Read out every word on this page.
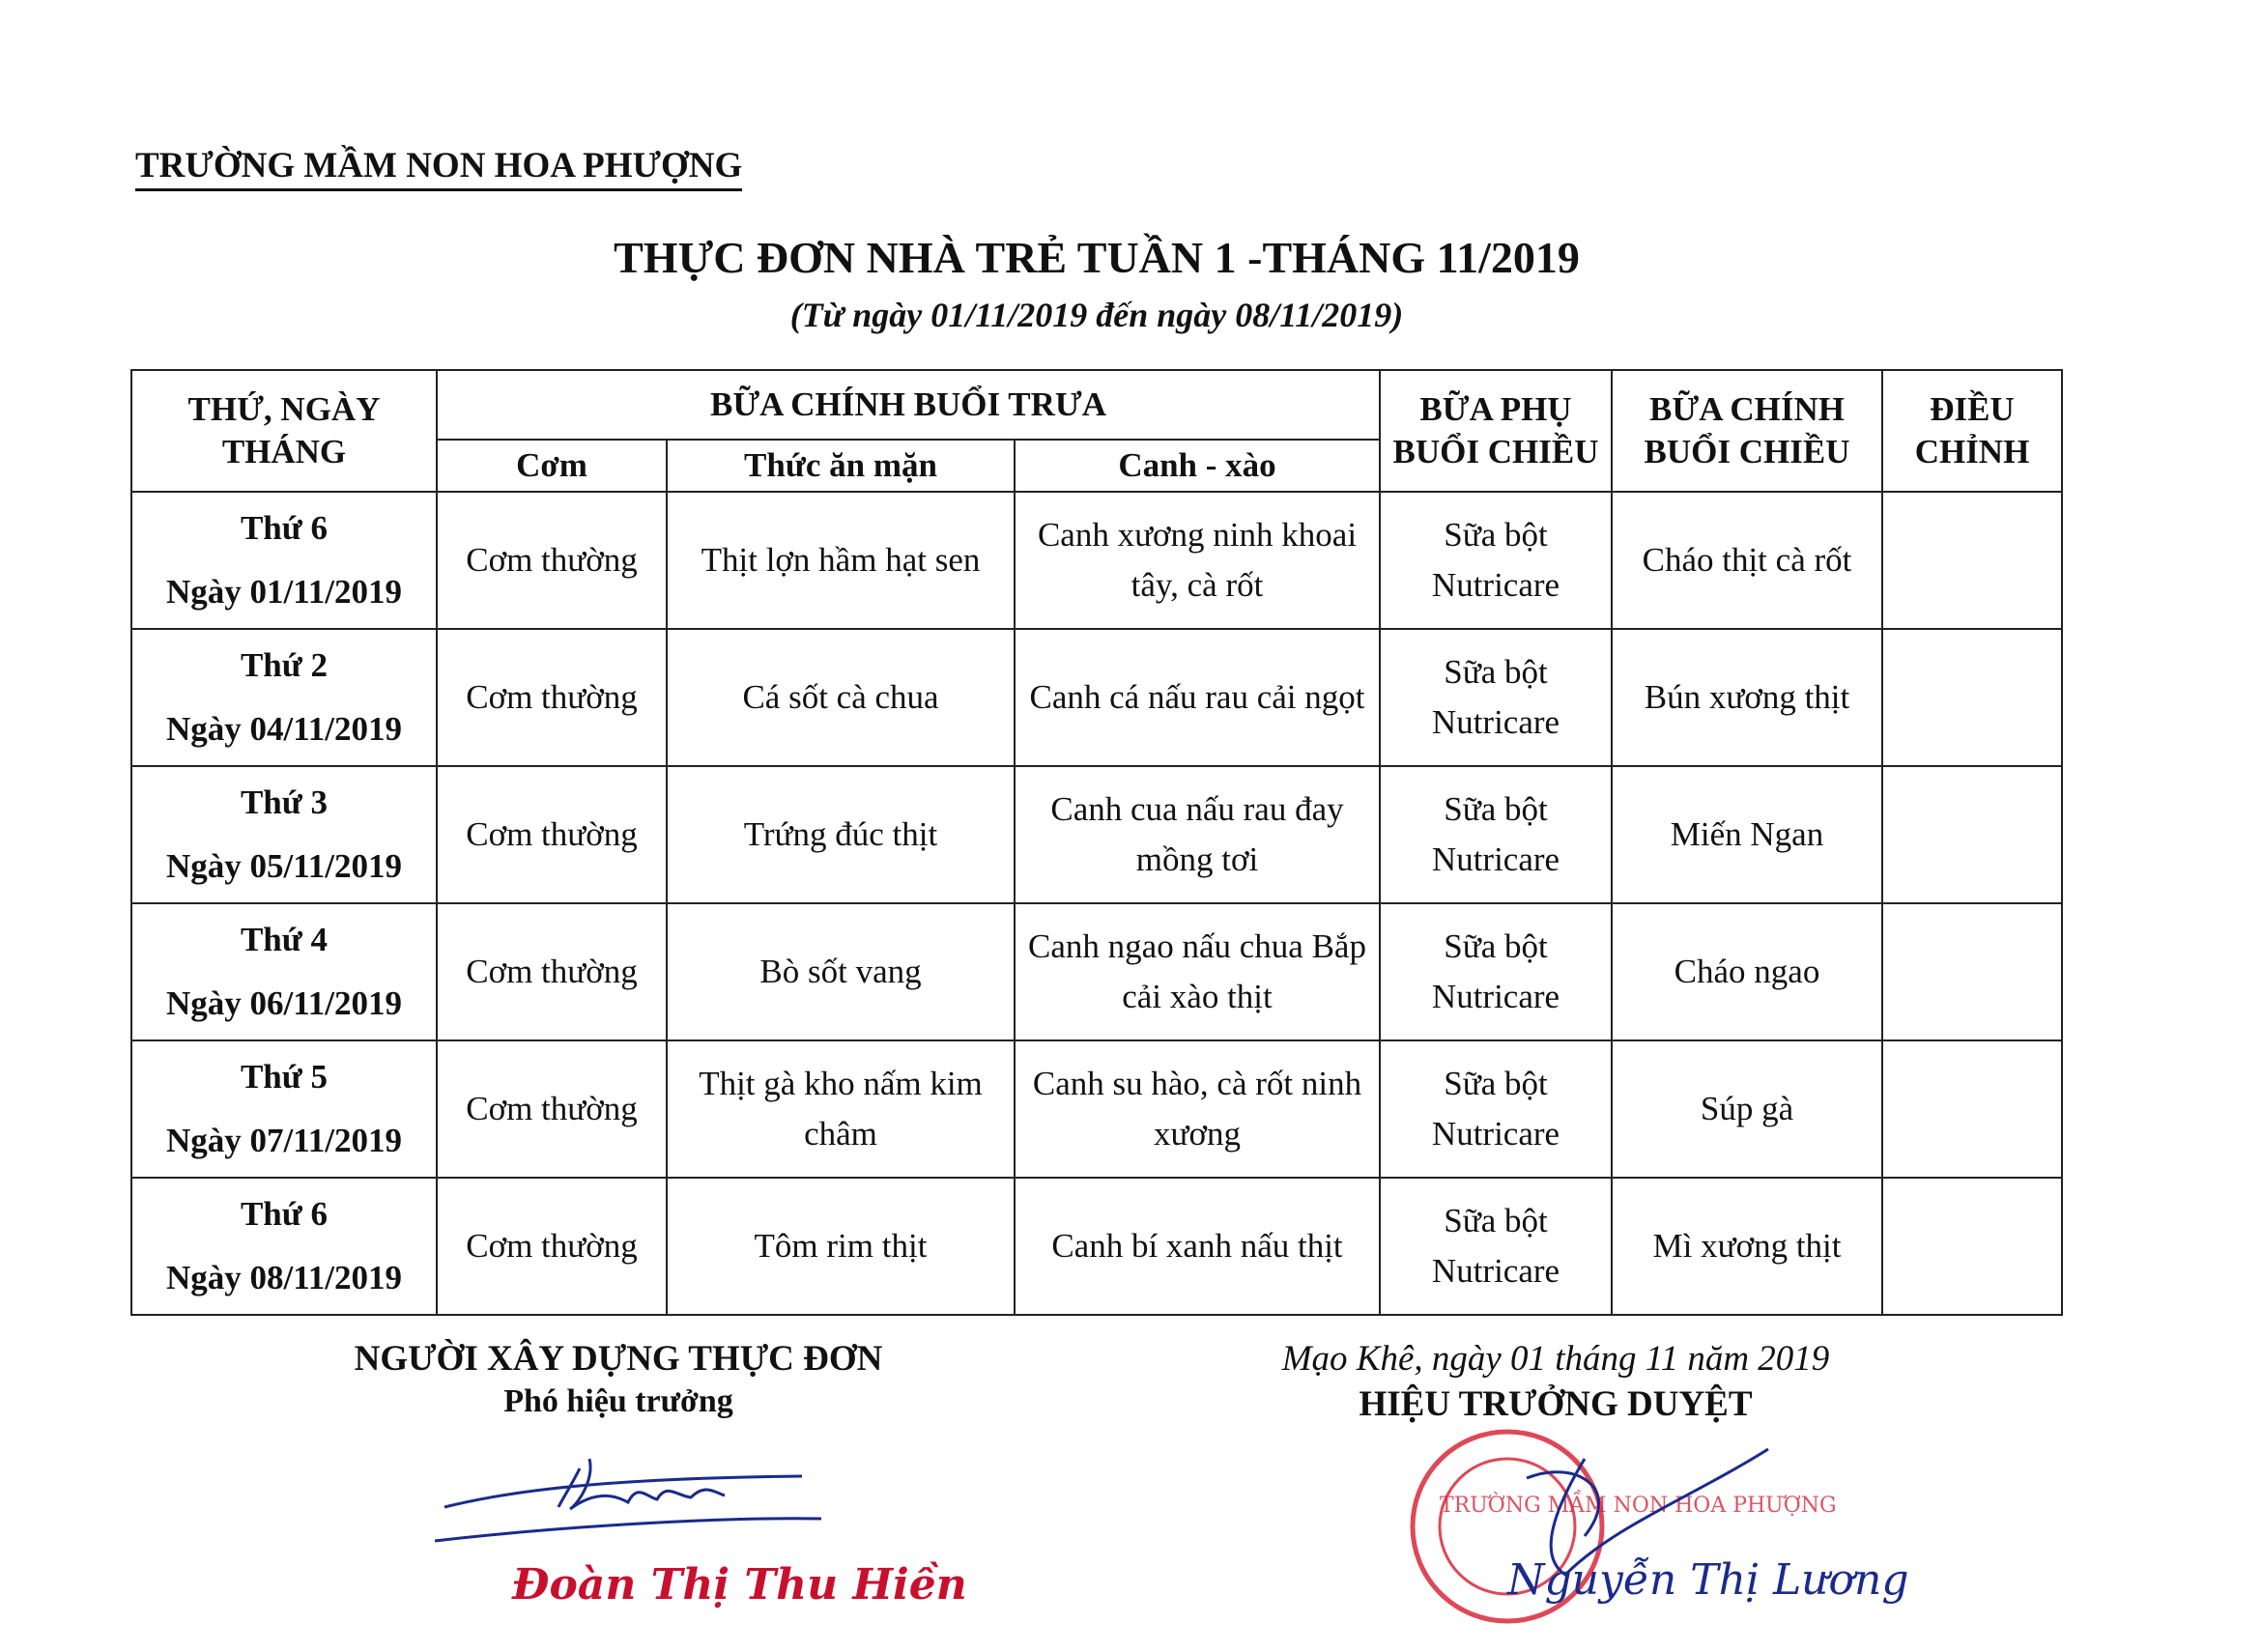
TRƯỜNG MẦM NON HOA PHƯỢNG
THỰC ĐƠN NHÀ TRẺ TUẦN 1 -THÁNG 11/2019
(Từ ngày 01/11/2019 đến ngày 08/11/2019)
THỨ, NGÀY THÁNG	BỮA CHÍNH BUỔI TRƯA			BỮA PHỤ BUỔI CHIỀU	BỮA CHÍNH BUỔI CHIỀU	ĐIỀU CHỈNH
	Cơm	Thức ăn mặn	Canh - xào			

Thứ 6
Ngày 01/11/2019	Cơm thường	Thịt lợn hầm hạt sen	Canh xương ninh khoai tây, cà rốt	Sữa bột Nutricare	Cháo thịt cà rốt	

Thứ 2
Ngày 04/11/2019	Cơm thường	Cá sốt cà chua	Canh cá nấu rau cải ngọt	Sữa bột Nutricare	Bún xương thịt	

Thứ 3
Ngày 05/11/2019	Cơm thường	Trứng đúc thịt	Canh cua nấu rau đay mồng tơi	Sữa bột Nutricare	Miến Ngan	

Thứ 4
Ngày 06/11/2019	Cơm thường	Bò sốt vang	Canh ngao nấu chua Bắp cải xào thịt	Sữa bột Nutricare	Cháo ngao	

Thứ 5
Ngày 07/11/2019	Cơm thường	Thịt gà kho nấm kim châm	Canh su hào, cà rốt ninh xương	Sữa bột Nutricare	Súp gà	

Thứ 6
Ngày 08/11/2019	Cơm thường	Tôm rim thịt	Canh bí xanh nấu thịt	Sữa bột Nutricare	Mì xương thịt	
NGƯỜI XÂY DỰNG THỰC ĐƠN
Phó hiệu trưởng
Mạo Khê, ngày 01 tháng 11 năm 2019
HIỆU TRƯỞNG DUYỆT
Đoàn Thị Thu Hiền
TRƯỜNG MẦM NON HOA PHƯỢNG
Nguyễn Thị Lương
